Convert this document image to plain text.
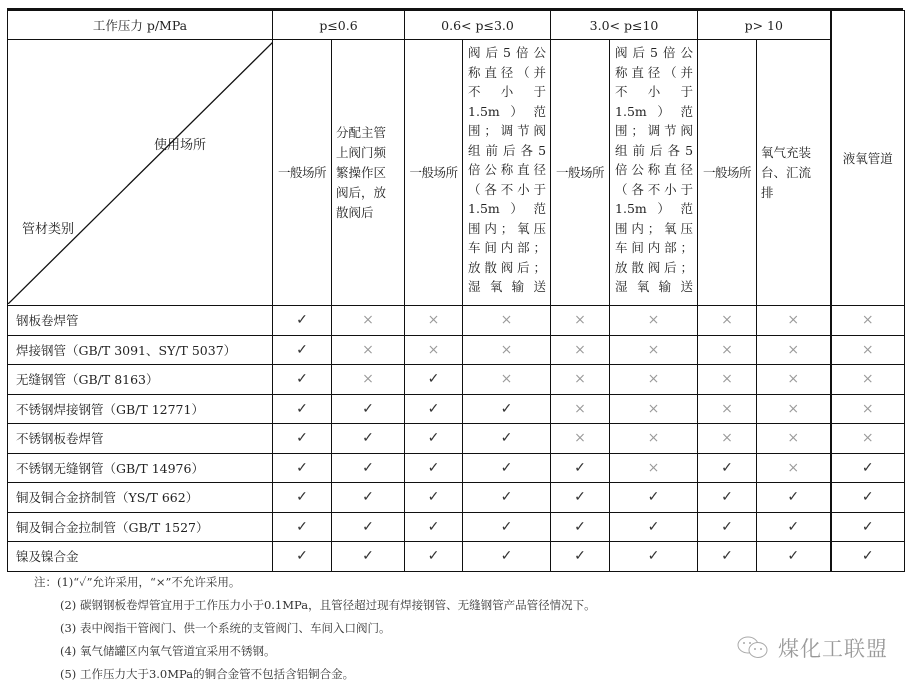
工作压力 p/MPa	p≤0.6		0.6< p≤3.0		3.0< p≤10		p> 10		液氧管道

使用场所
管材类别
	一般场所	
分配主管
上阀门频
繁操作区
阀后，放
散阀后
	一般场所	
阀后5倍公
称直径（并
不 小 于
1.5m）范
围；调节阀
组前后各5
倍公称直径
（各不小于
1.5m）范
围内；氧压
车间内部；
放散阀后；
湿氧输送
	一般场所	
阀后5倍公
称直径（并
不 小 于
1.5m）范
围；调节阀
组前后各5
倍公称直径
（各不小于
1.5m）范
围内；氧压
车间内部；
放散阀后；
湿氧输送
	一般场所	
氧气充装
台、汇流
排

钢板卷焊管	✓	×	×	×	×	×	×	×	×
焊接钢管（GB/T 3091、SY/T 5037）	✓	×	×	×	×	×	×	×	×
无缝钢管（GB/T 8163）	✓	×	✓	×	×	×	×	×	×
不锈钢焊接钢管（GB/T 12771）	✓	✓	✓	✓	×	×	×	×	×
不锈钢板卷焊管	✓	✓	✓	✓	×	×	×	×	×
不锈钢无缝钢管（GB/T 14976）	✓	✓	✓	✓	✓	×	✓	×	✓
铜及铜合金挤制管（YS/T 662）	✓	✓	✓	✓	✓	✓	✓	✓	✓
铜及铜合金拉制管（GB/T 1527）	✓	✓	✓	✓	✓	✓	✓	✓	✓
镍及镍合金	✓	✓	✓	✓	✓	✓	✓	✓	✓
注：(1)“✓”允许采用，“×”不允许采用。
(2) 碳钢钢板卷焊管宜用于工作压力小于0.1MPa，且管径超过现有焊接钢管、无缝钢管产品管径情况下。
(3) 表中阀指干管阀门、供一个系统的支管阀门、车间入口阀门。
(4) 氧气储罐区内氧气管道宜采用不锈钢。
(5) 工作压力大于3.0MPa的铜合金管不包括含铝铜合金。
煤化工联盟
